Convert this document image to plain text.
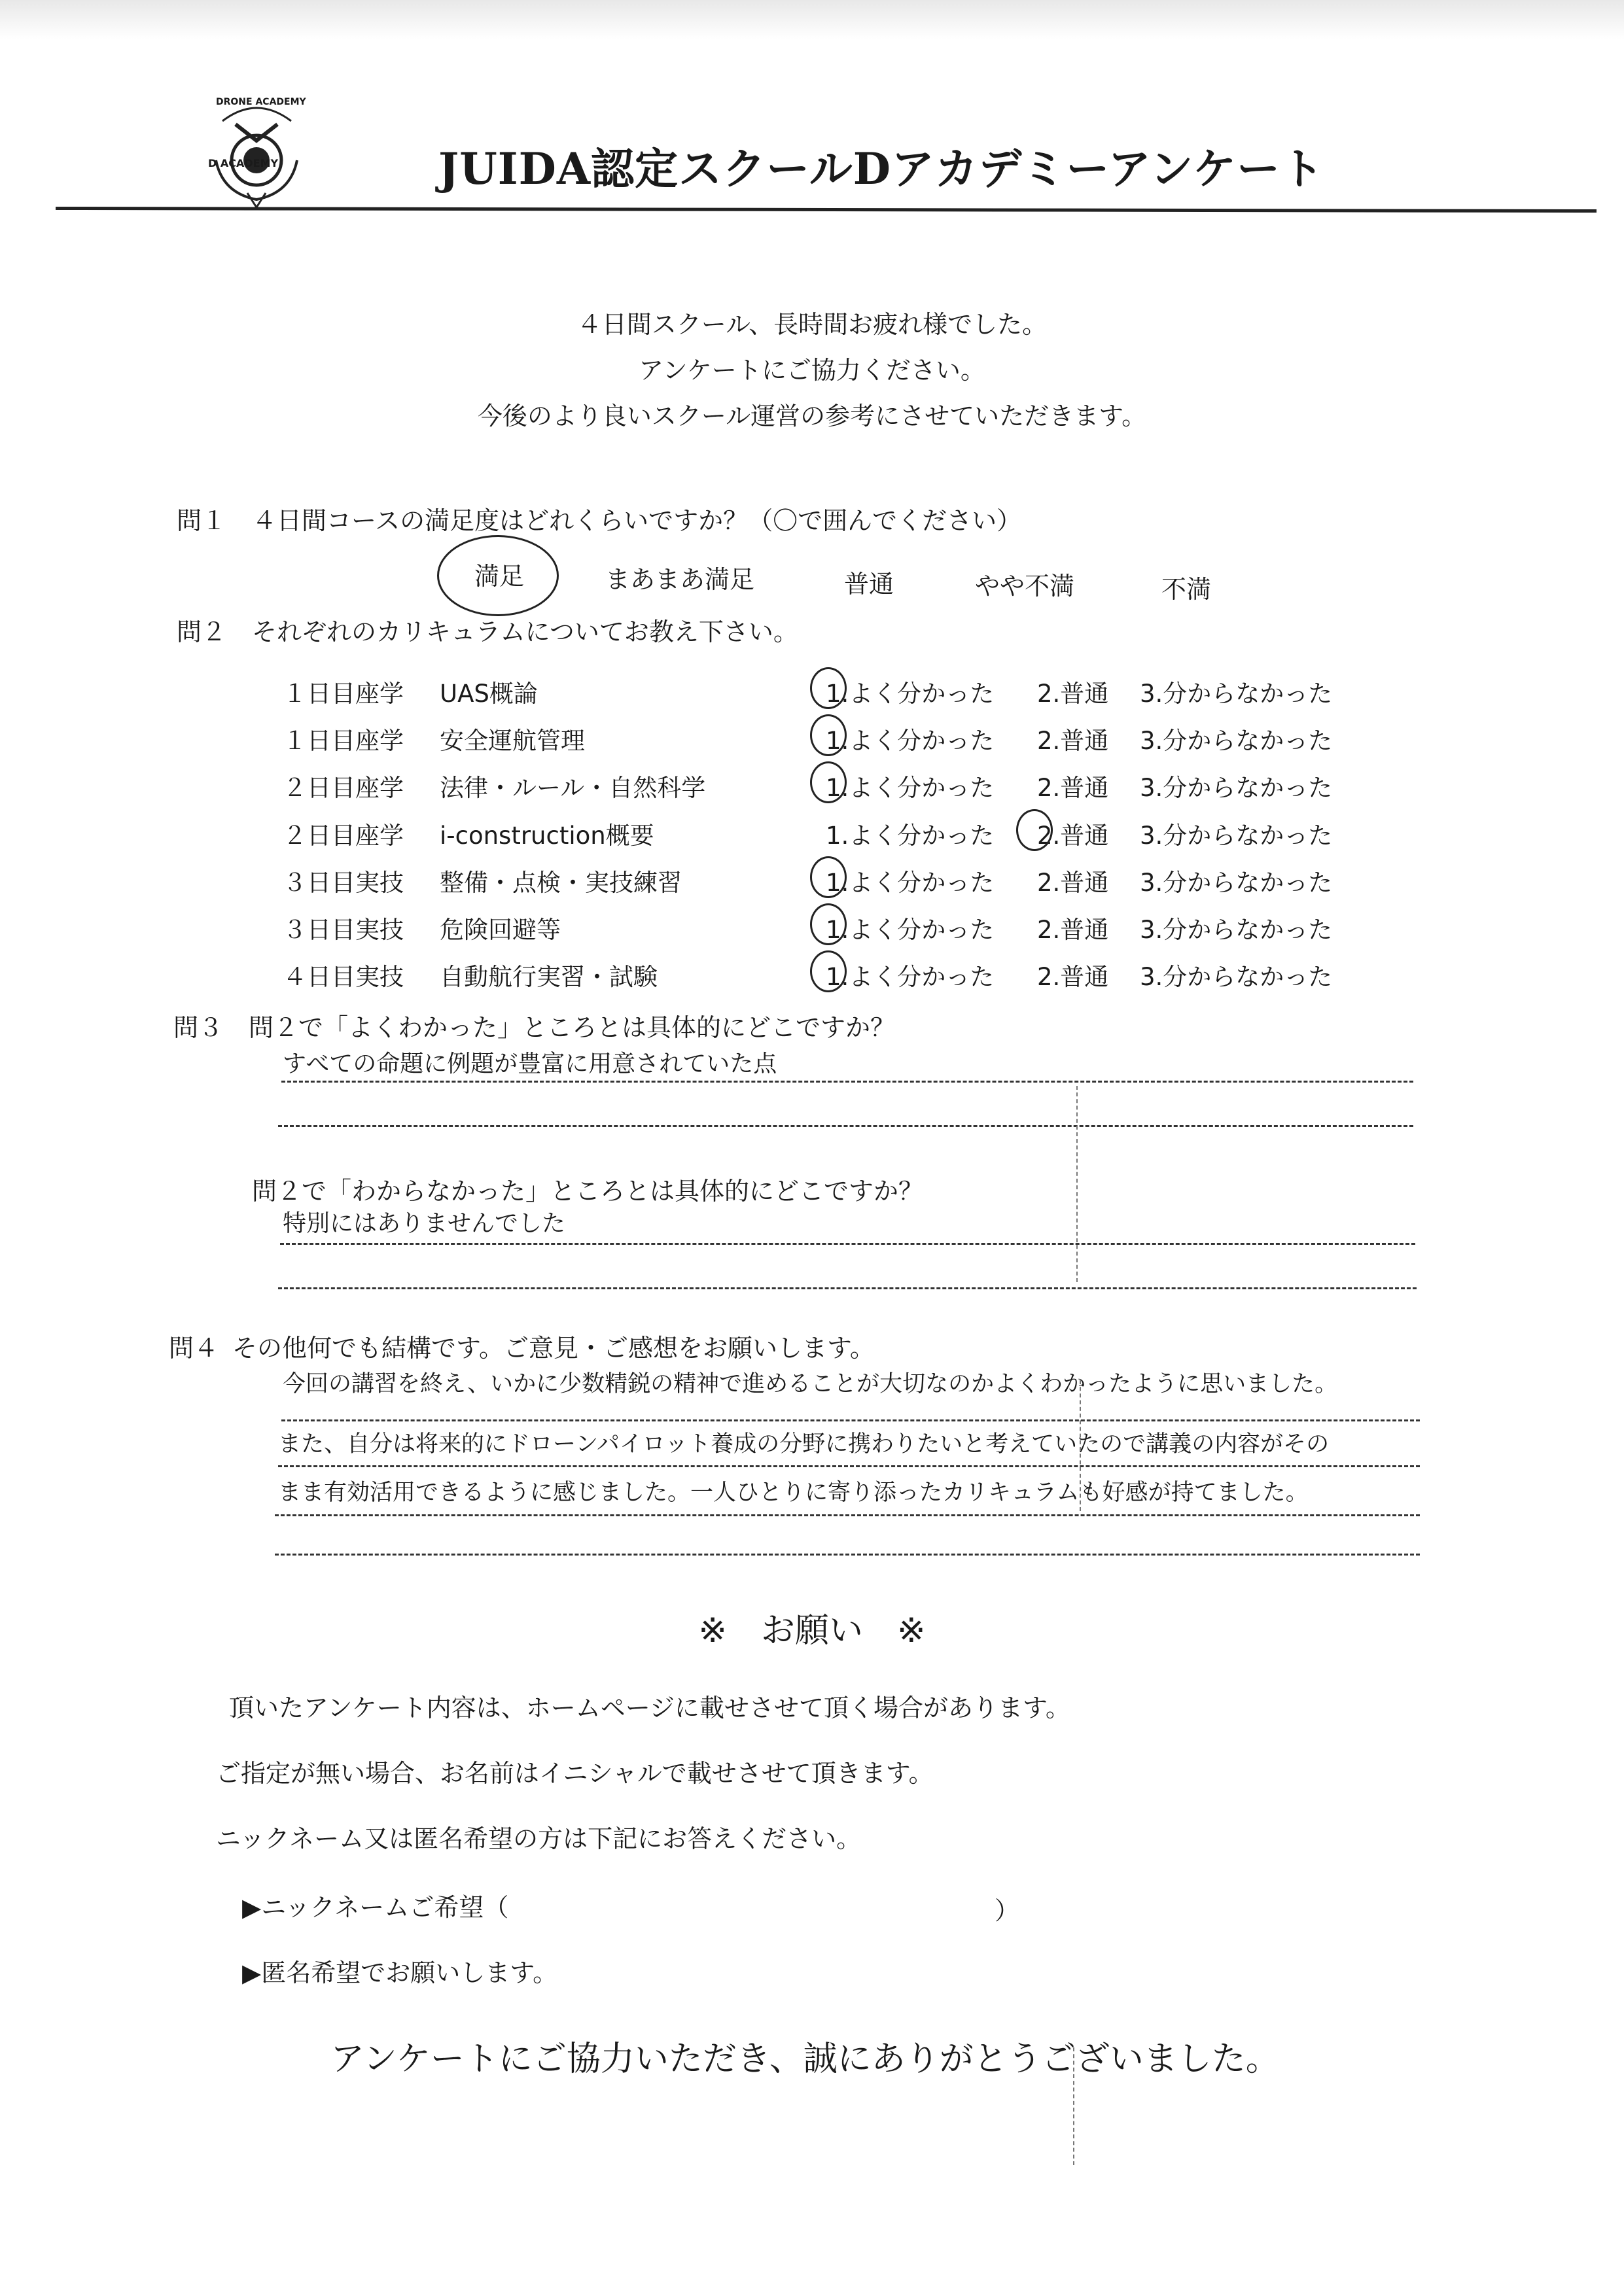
DRONE ACADEMY
D ACADEMY	JUIDA認定スクールDアカデミーアンケート
４日間スクール、長時間お疲れ様でした。
アンケートにご協力ください。
今後のより良いスクール運営の参考にさせていただきます。
問１ ４日間コースの満足度はどれくらいですか？（〇で囲んでください）
満足	まあまあ満足	普通	やや不満	不満
問２ それぞれのカリキュラムについてお教え下さい。
１日目座学 UAS概論	1.よく分かった 2.普通 3.分からなかった
１日目座学 安全運航管理	1.よく分かった 2.普通 3.分からなかった
２日目座学 法律・ルール・自然科学	1.よく分かった 2.普通 3.分からなかった
２日目座学 i-construction概要	1.よく分かった 2.普通 3.分からなかった
３日目実技 整備・点検・実技練習	1.よく分かった 2.普通 3.分からなかった
３日目実技 危険回避等	1.よく分かった 2.普通 3.分からなかった
４日目実技 自動航行実習・試験	1.よく分かった 2.普通 3.分からなかった
問３ 問２で「よくわかった」ところとは具体的にどこですか？
すべての命題に例題が豊富に用意されていた点
問２で「わからなかった」ところとは具体的にどこですか？
特別にはありませんでした
問４ その他何でも結構です。ご意見・ご感想をお願いします。
今回の講習を終え、いかに少数精鋭の精神で進めることが大切なのかよくわかったように思いました。
また、自分は将来的にドローンパイロット養成の分野に携わりたいと考えていたので講義の内容がその
まま有効活用できるように感じました。一人ひとりに寄り添ったカリキュラムも好感が持てました。
※　お願い　※
頂いたアンケート内容は、ホームページに載せさせて頂く場合があります。
ご指定が無い場合、お名前はイニシャルで載せさせて頂きます。
ニックネーム又は匿名希望の方は下記にお答えください。
▶ニックネームご希望（	）
▶匿名希望でお願いします。
アンケートにご協力いただき、誠にありがとうございました。
